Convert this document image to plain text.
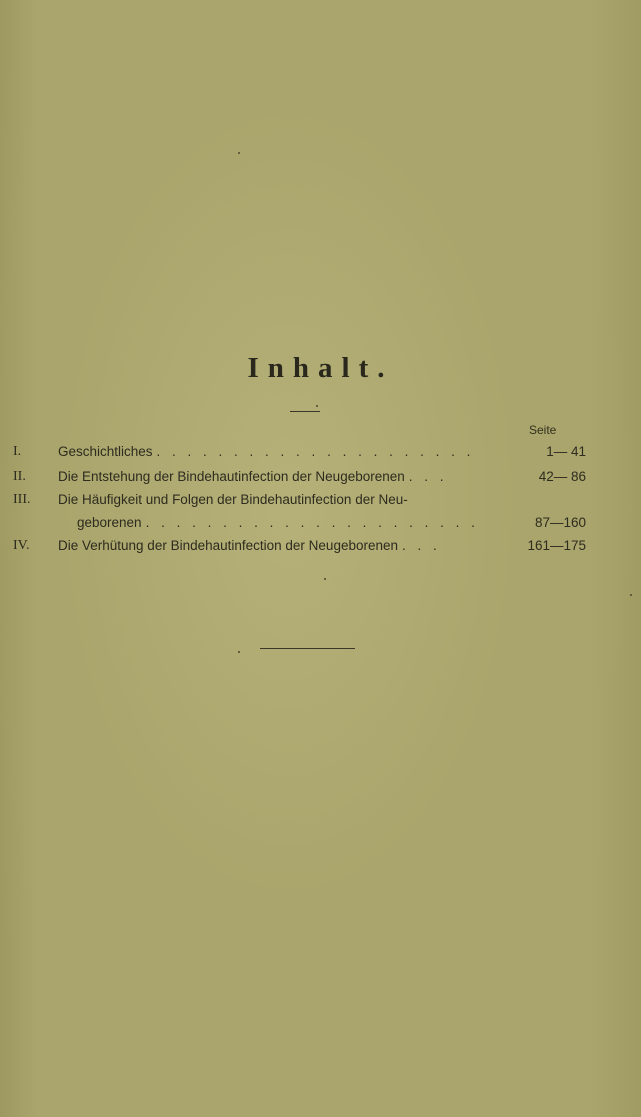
Inhalt.
Seite
I.	Geschichtliches . . . . . . . . . . . . . . . . . . . . .	1— 41
II. Die Entstehung der Bindehautinfection der Neugeborenen . . .	42— 86
III. Die Häufigkeit und Folgen der Bindehautinfection der Neu-
geborenen . . . . . . . . . . . . . . . . . . . . . .	87—160
IV. Die Verhütung der Bindehautinfection der Neugeborenen . . .	161—175
